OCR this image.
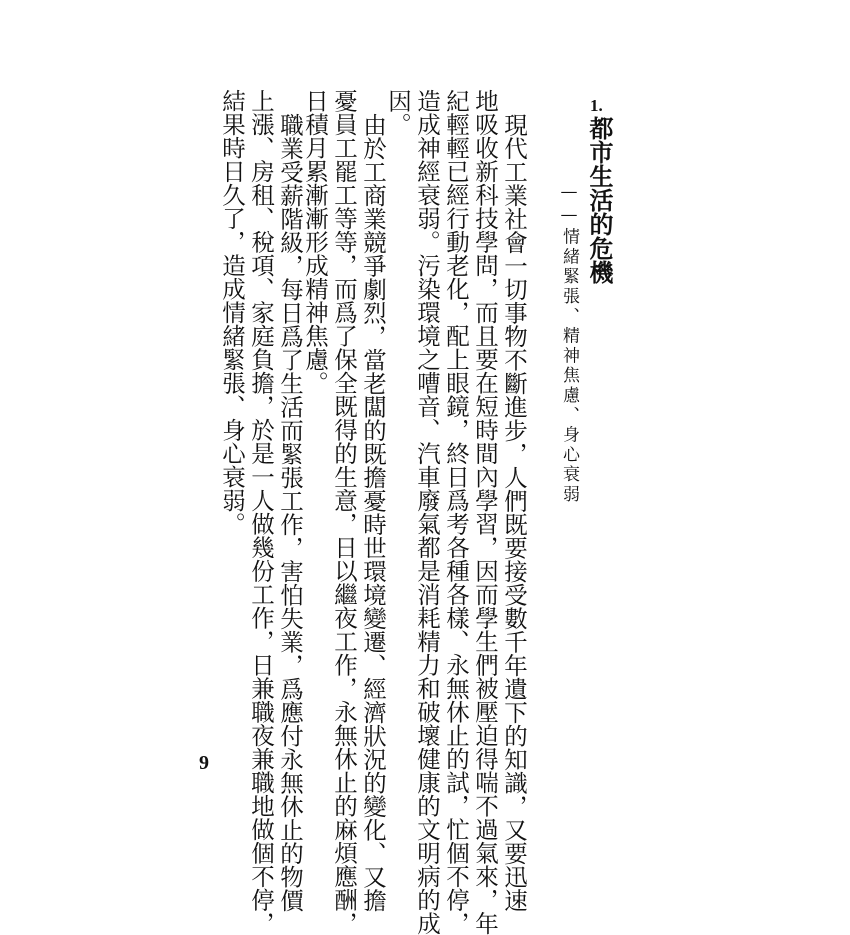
1.
都市生活的危機
——情緒緊張、精神焦慮、身心衰弱
現代工業社會一切事物不斷進步，人們既要接受數千年遺下的知識，又要迅速
地吸收新科技學問，而且要在短時間內學習，因而學生們被壓迫得喘不過氣來，年
紀輕輕已經行動老化，配上眼鏡，終日爲考各種各樣、永無休止的試，忙個不停，
造成神經衰弱。污染環境之嘈音、汽車廢氣都是消耗精力和破壞健康的文明病的成
因。
由於工商業競爭劇烈，當老闆的既擔憂時世環境變遷、經濟狀況的變化、又擔
憂員工罷工等等，而爲了保全既得的生意，日以繼夜工作，永無休止的麻煩應酬，
日積月累漸漸形成精神焦慮。
職業受薪階級，每日爲了生活而緊張工作，害怕失業，爲應付永無休止的物價
上漲、房租、稅項、家庭負擔，於是一人做幾份工作，日兼職夜兼職地做個不停，
結果時日久了，造成情緒緊張、身心衰弱。
9
